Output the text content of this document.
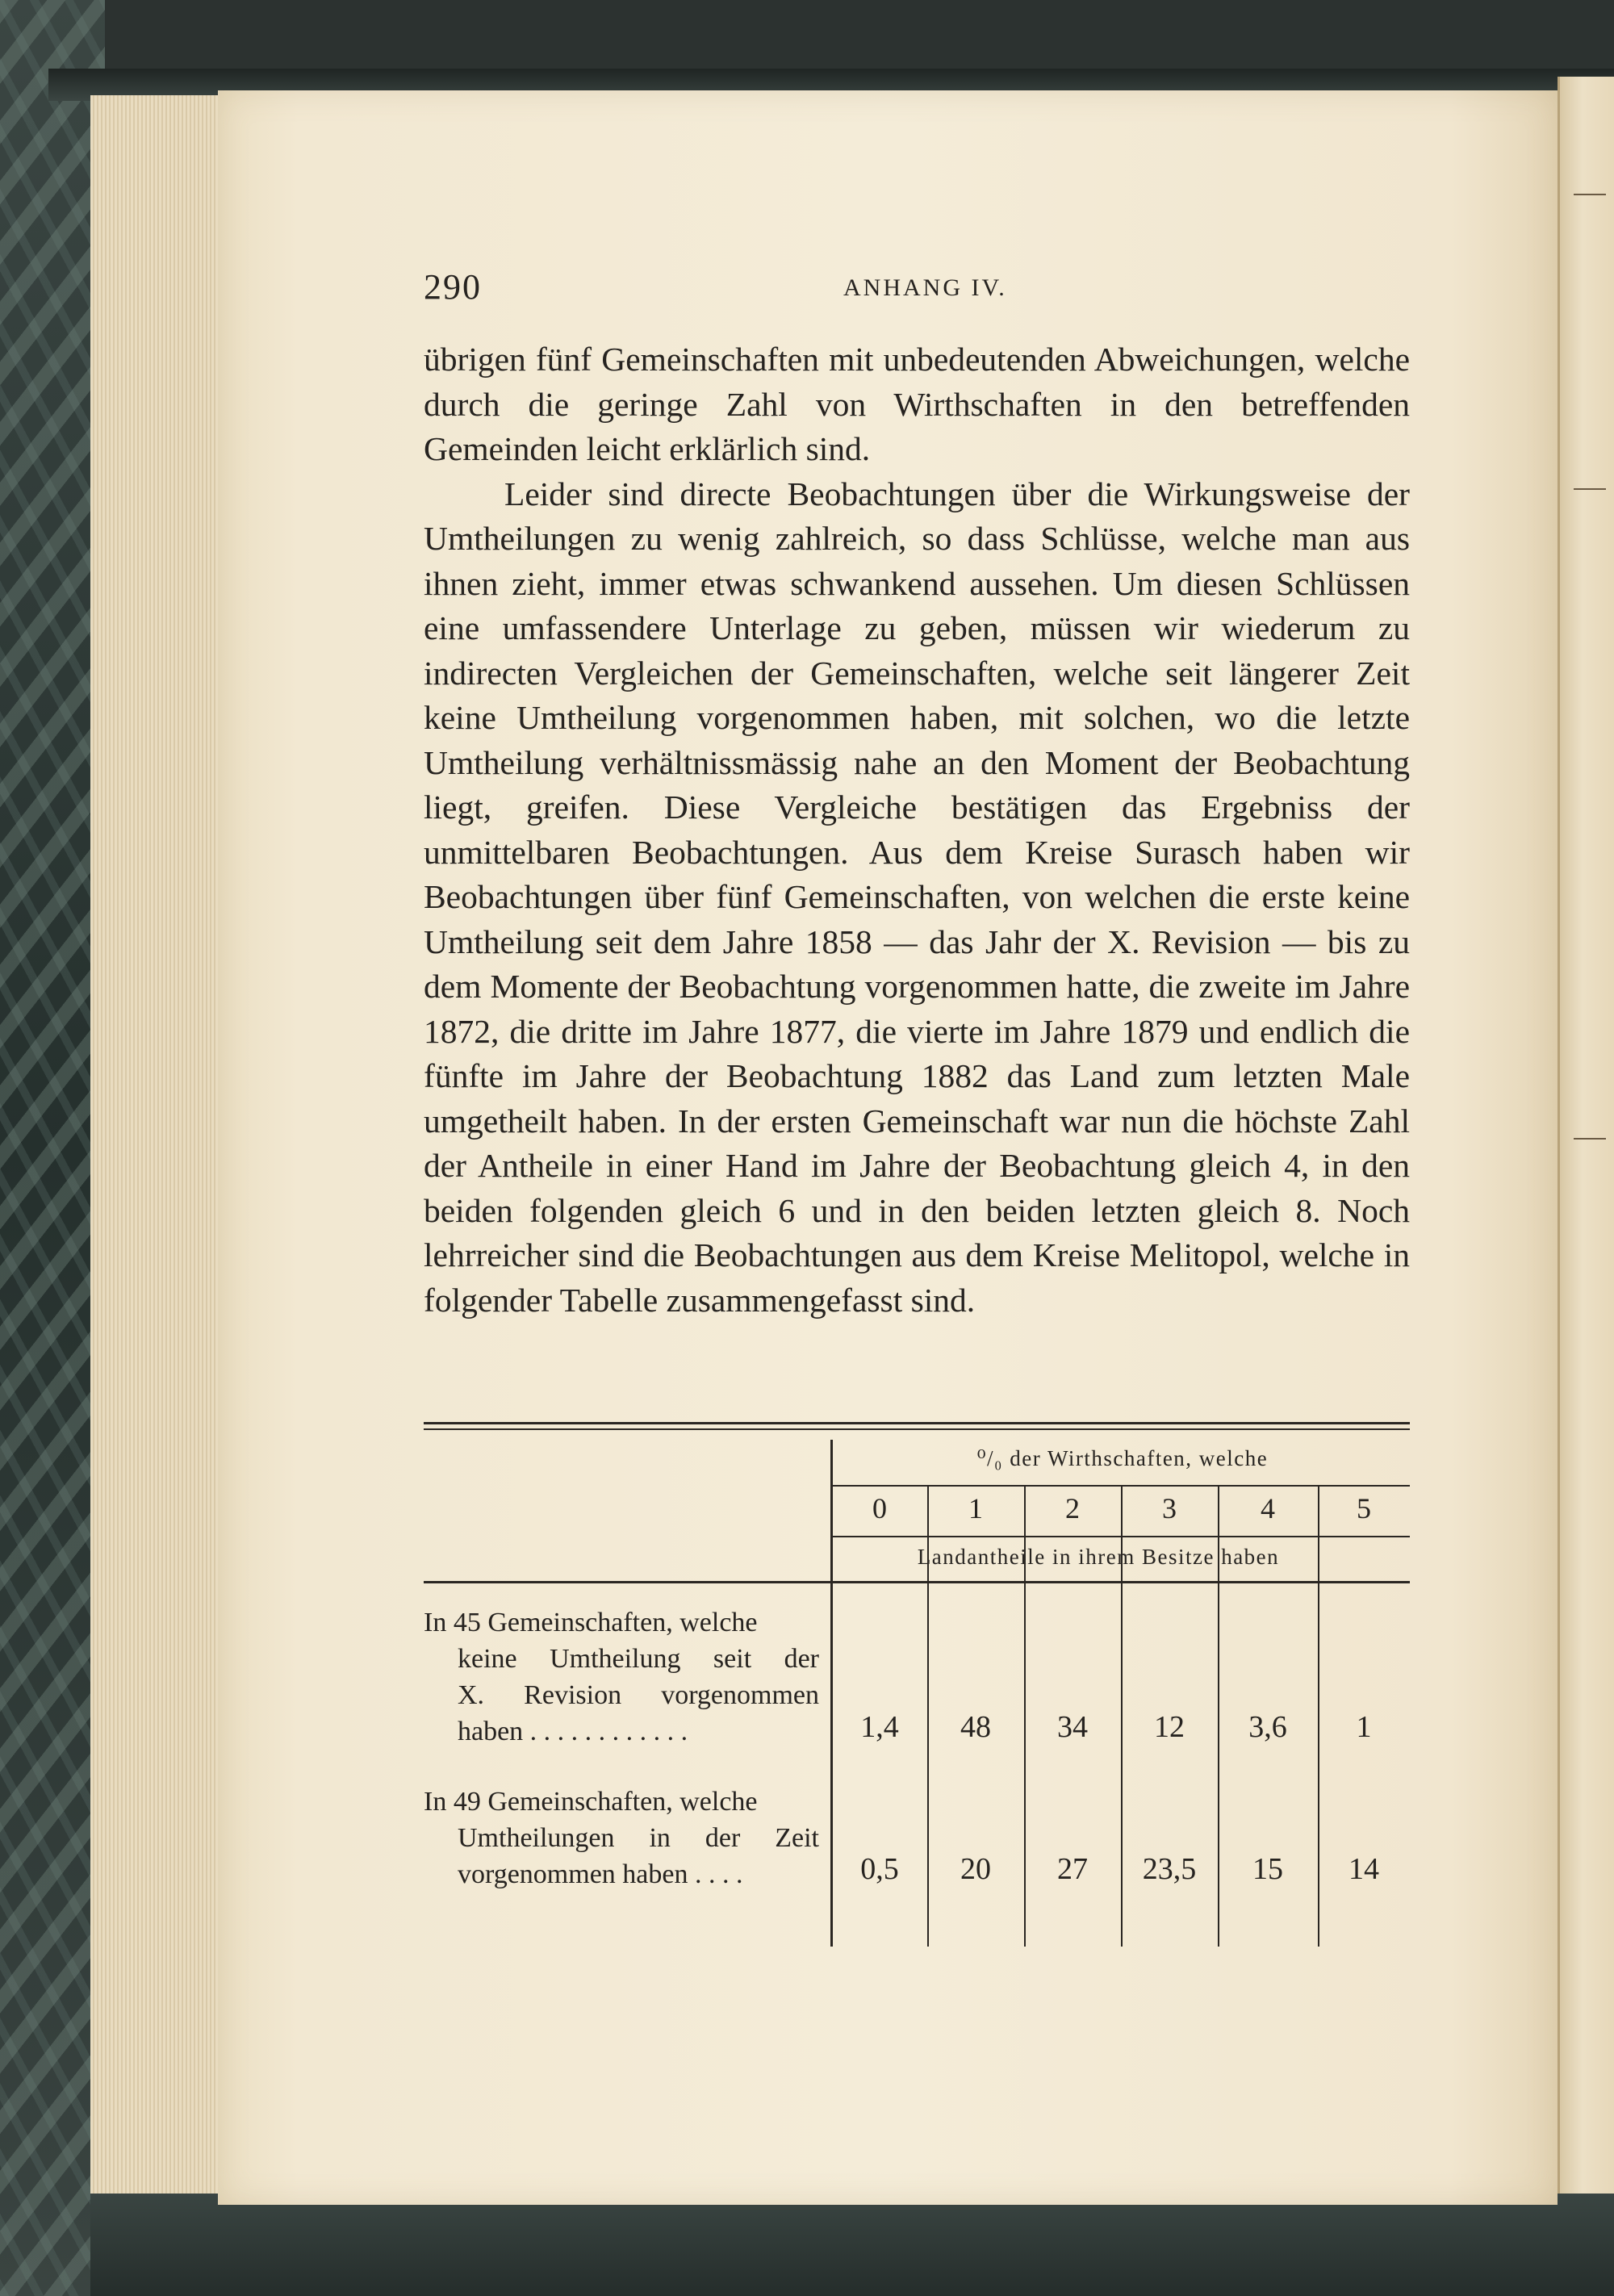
290	ANHANG IV.

übrigen fünf Gemeinschaften mit unbedeutenden Abweichungen, welche durch die geringe Zahl von Wirthschaften in den betreffenden Gemeinden leicht erklärlich sind.

Leider sind directe Beobachtungen über die Wirkungsweise der Umtheilungen zu wenig zahlreich, so dass Schlüsse, welche man aus ihnen zieht, immer etwas schwankend aussehen. Um diesen Schlüssen eine umfassendere Unterlage zu geben, müssen wir wiederum zu indirecten Vergleichen der Gemeinschaften, welche seit längerer Zeit keine Umtheilung vorgenommen haben, mit solchen, wo die letzte Umtheilung verhältnissmässig nahe an den Moment der Beobachtung liegt, greifen. Diese Vergleiche bestätigen das Ergebniss der unmittelbaren Beobachtungen. Aus dem Kreise Surasch haben wir Beobachtungen über fünf Gemeinschaften, von welchen die erste keine Umtheilung seit dem Jahre 1858 — das Jahr der X. Revision — bis zu dem Momente der Beobachtung vorgenommen hatte, die zweite im Jahre 1872, die dritte im Jahre 1877, die vierte im Jahre 1879 und endlich die fünfte im Jahre der Beobachtung 1882 das Land zum letzten Male umgetheilt haben. In der ersten Gemeinschaft war nun die höchste Zahl der Antheile in einer Hand im Jahre der Beobachtung gleich 4, in den beiden folgenden gleich 6 und in den beiden letzten gleich 8. Noch lehrreicher sind die Beobachtungen aus dem Kreise Melitopol, welche in folgender Tabelle zusammengefasst sind.

⁰/₀ der Wirthschaften, welche
0	1	2	3	4	5
Landantheile in ihrem Besitze haben
In 45 Gemeinschaften, welche
keine Umtheilung seit der
X. Revision vorgenommen
haben . . . . . . . . . . . .	1,4	48	34	12	3,6	1
In 49 Gemeinschaften, welche
Umtheilungen in der Zeit
vorgenommen haben . . . .	0,5	20	27	23,5	15	14
